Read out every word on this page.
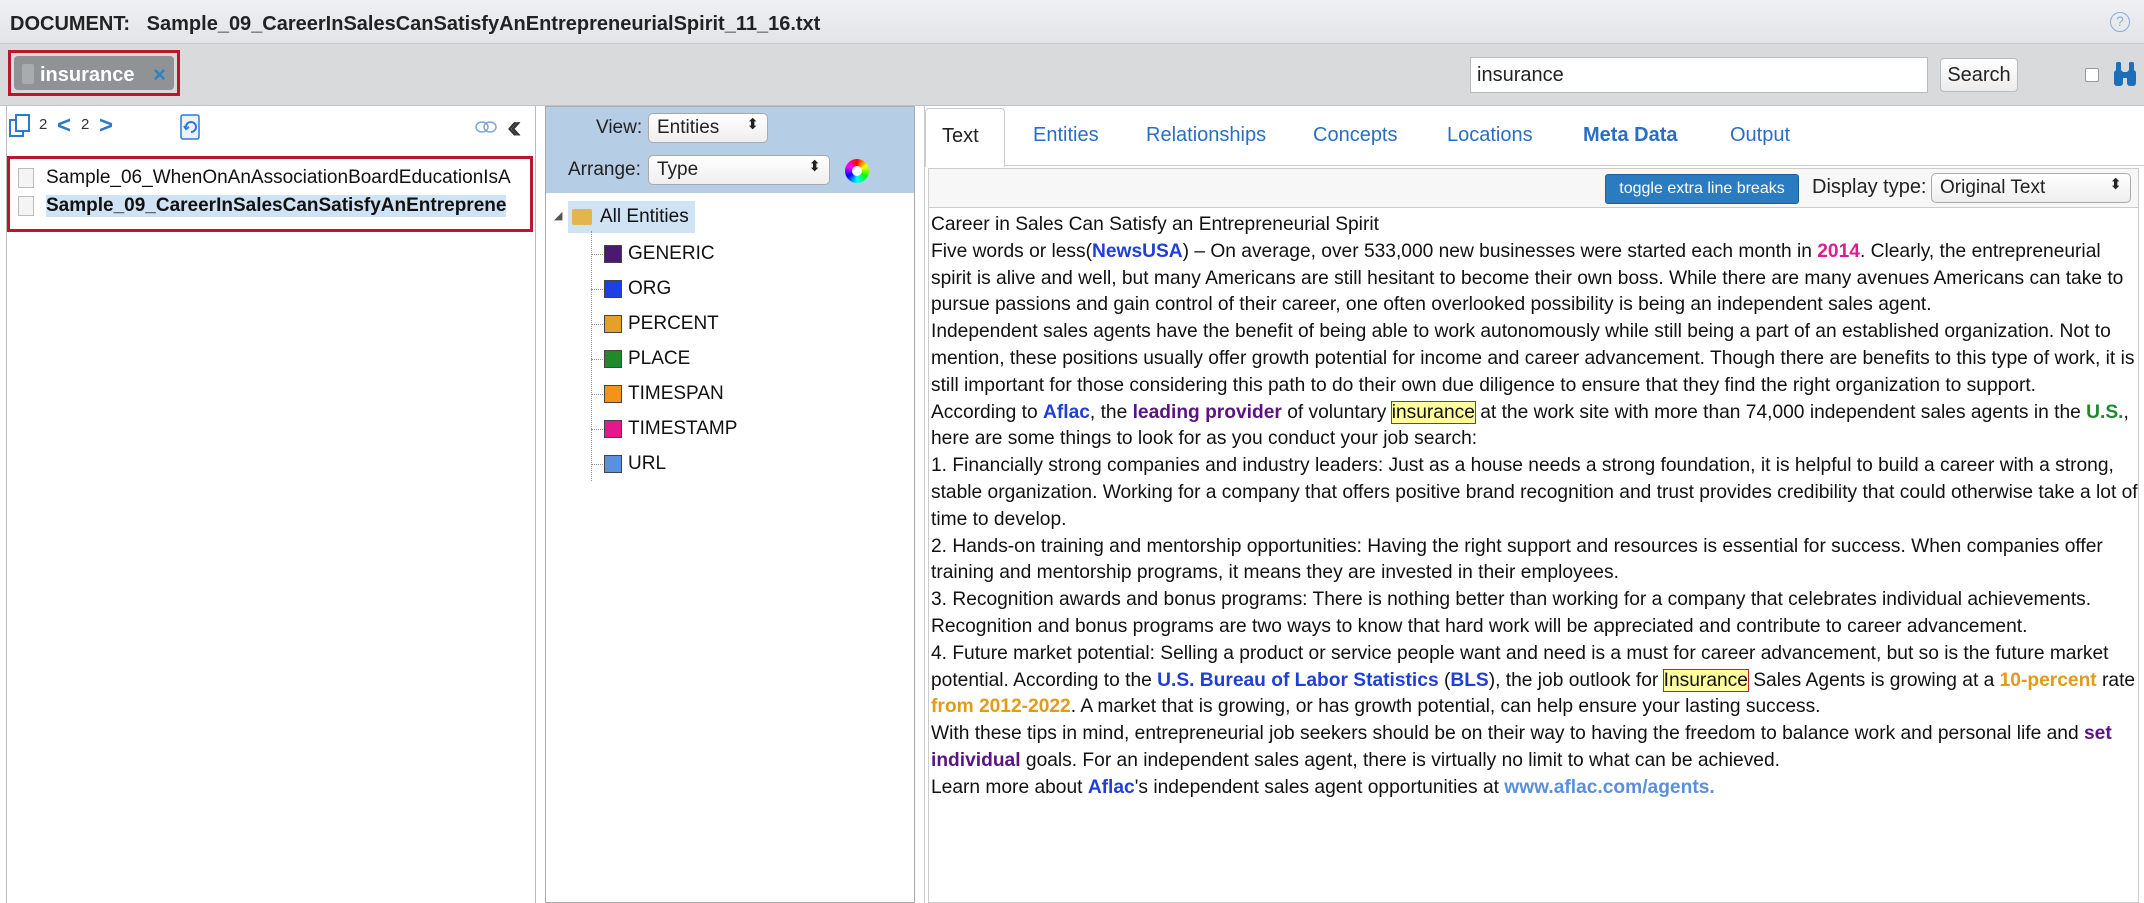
DOCUMENT: Sample_09_CareerInSalesCanSatisfyAnEntrepreneurialSpirit_11_16.txt	?
insurance ×
insurance	Search
2 < 2 >	‹‹
Sample_06_WhenOnAnAssociationBoardEducationIsA
Sample_09_CareerInSalesCanSatisfyAnEntreprene
View: Entities ⬍
Arrange: Type	⬍
◢ All Entities
GENERIC
ORG
PERCENT
PLACE
TIMESPAN
TIMESTAMP
URL
Text	Entities Relationships Concepts Locations	Meta Data	Output
toggle extra line breaks	Display type: Original Text	⬍

Career in Sales Can Satisfy an Entrepreneurial Spirit

Five words or less(NewsUSA) – On average, over 533,000 new businesses were started each month in 2014. Clearly, the entrepreneurial spirit is alive and well, but many Americans are still hesitant to become their own boss. While there are many avenues Americans can take to pursue passions and gain control of their career, one often overlooked possibility is being an independent sales agent.

Independent sales agents have the benefit of being able to work autonomously while still being a part of an established organization. Not to mention, these positions usually offer growth potential for income and career advancement. Though there are benefits to this type of work, it is still important for those considering this path to do their own due diligence to ensure that they find the right organization to support.

According to Aflac, the leading provider of voluntary insurance at the work site with more than 74,000 independent sales agents in the U.S., here are some things to look for as you conduct your job search:

1. Financially strong companies and industry leaders: Just as a house needs a strong foundation, it is helpful to build a career with a strong, stable organization. Working for a company that offers positive brand recognition and trust provides credibility that could otherwise take a lot of time to develop.

2. Hands-on training and mentorship opportunities: Having the right support and resources is essential for success. When companies offer training and mentorship programs, it means they are invested in their employees.

3. Recognition awards and bonus programs: There is nothing better than working for a company that celebrates individual achievements. Recognition and bonus programs are two ways to know that hard work will be appreciated and contribute to career advancement.

4. Future market potential: Selling a product or service people want and need is a must for career advancement, but so is the future market potential. According to the U.S. Bureau of Labor Statistics (BLS), the job outlook for Insurance Sales Agents is growing at a 10-percent rate from 2012-2022. A market that is growing, or has growth potential, can help ensure your lasting success.

With these tips in mind, entrepreneurial job seekers should be on their way to having the freedom to balance work and personal life and set individual goals. For an independent sales agent, there is virtually no limit to what can be achieved.

Learn more about Aflac's independent sales agent opportunities at www.aflac.com/agents.
